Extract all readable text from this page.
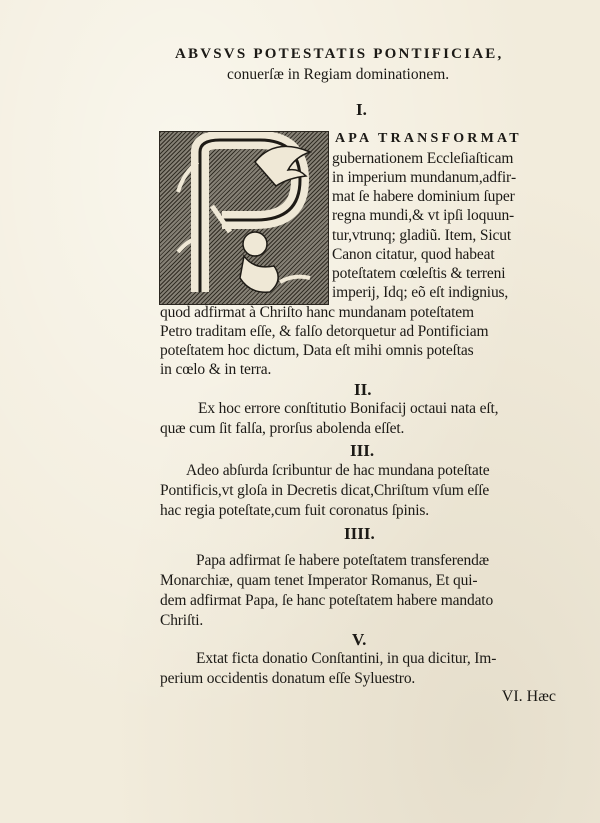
ABVSVS POTESTATIS PONTIFICIAE,
conuerſæ in Regiam dominationem.
I.
APA TRANSFORMAT
gubernationem Eccleſiaſticam
in imperium mundanum,adfir‑
mat ſe habere dominium ſuper
regna mundi,& vt ipſi loquun‑
tur,vtrunq; gladiũ. Item, Sicut
Canon citatur, quod habeat
poteſtatem cœleſtis & terreni
imperij, Idq; eõ eſt indignius,
quod adfirmat à Chriſto hanc mundanam poteſtatem
Petro traditam eſſe, & falſo detorquetur ad Pontificiam
poteſtatem hoc dictum, Data eſt mihi omnis poteſtas
in cœlo & in terra.
II.
Ex hoc errore conſtitutio Bonifacij octaui nata eſt,
quæ cum ſit falſa, prorſus abolenda eſſet.
III.
Adeo abſurda ſcribuntur de hac mundana poteſtate
Pontificis,vt gloſa in Decretis dicat,Chriſtum vſum eſſe
hac regia poteſtate,cum fuit coronatus ſpinis.
IIII.
Papa adfirmat ſe habere poteſtatem transferendæ
Monarchiæ, quam tenet Imperator Romanus, Et qui‑
dem adfirmat Papa, ſe hanc poteſtatem habere mandato
Chriſti.
V.
Extat ficta donatio Conſtantini, in qua dicitur, Im‑
perium occidentis donatum eſſe Syluestro.
VI. Hæc
